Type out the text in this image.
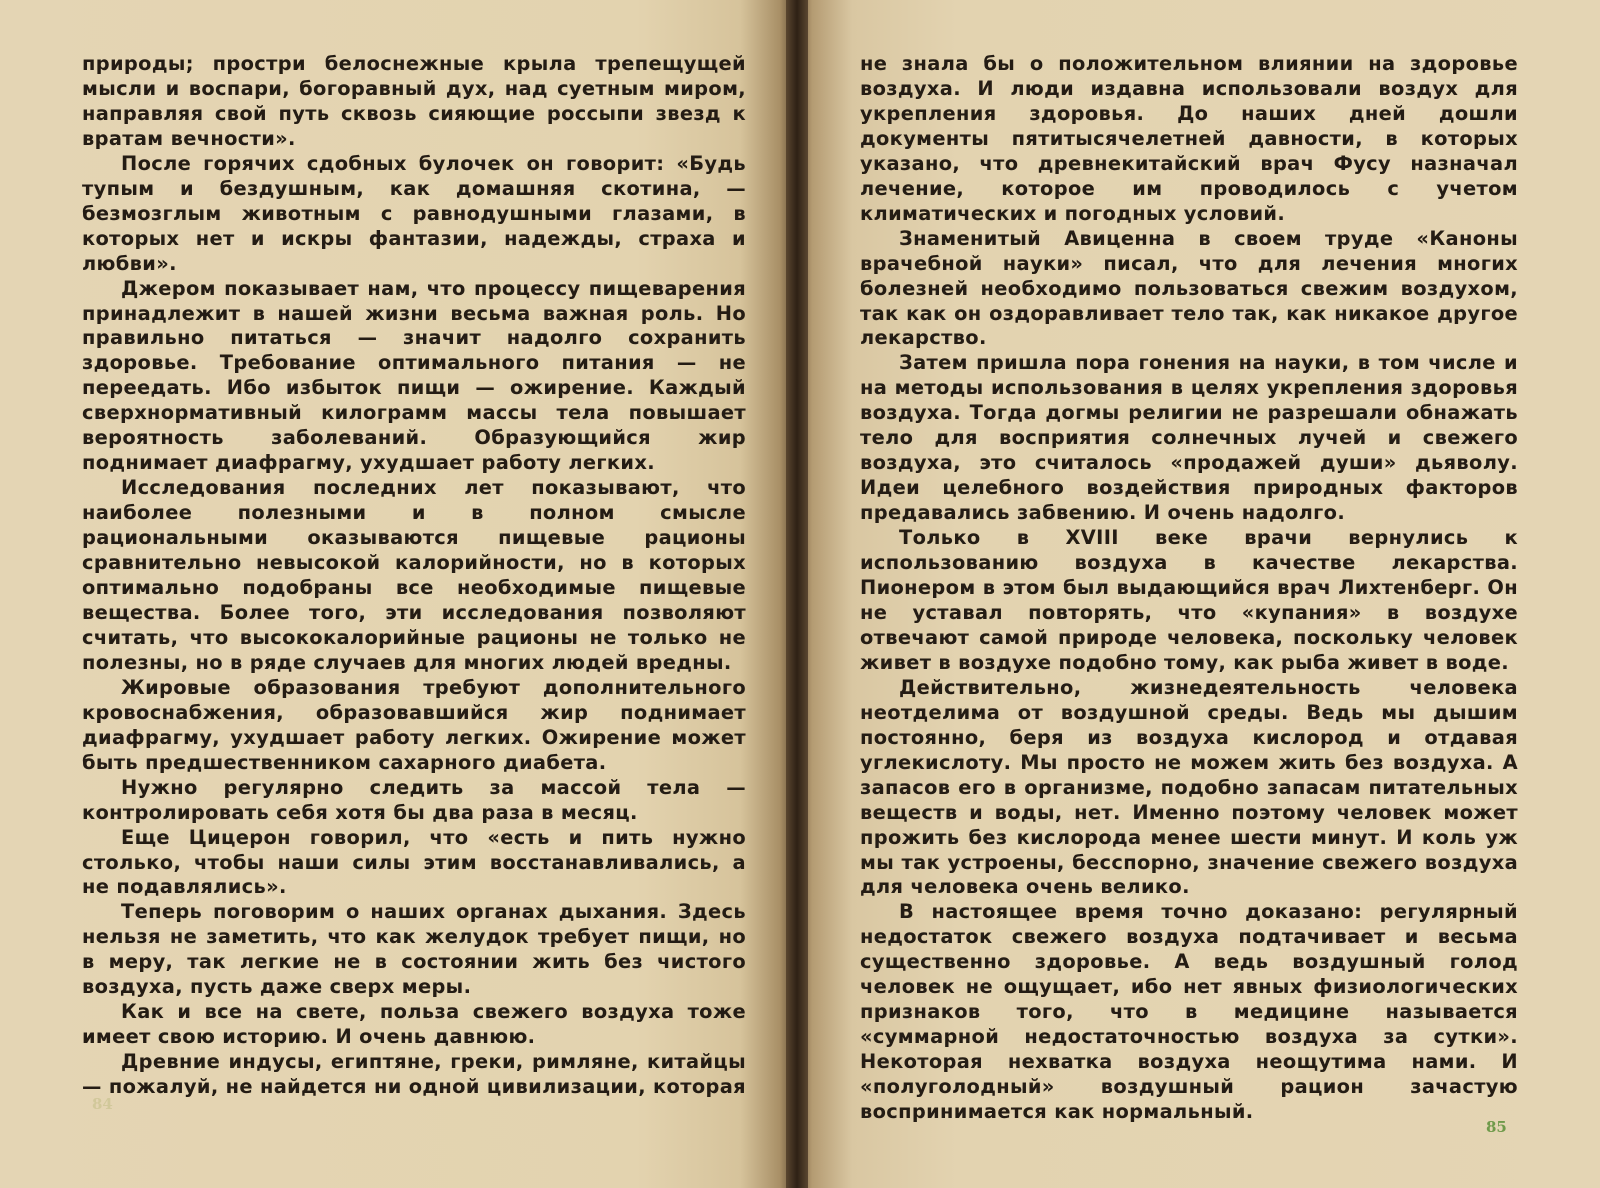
природы; простри белоснежные крыла трепещущей мысли и воспари, богоравный дух, над суетным миром, направляя свой путь сквозь сияющие россыпи звезд к вратам вечности».

После горячих сдобных булочек он говорит: «Будь тупым и бездушным, как домашняя скотина, — безмозглым животным с равнодушными глазами, в которых нет и искры фантазии, надежды, страха и любви».

Джером показывает нам, что процессу пищеварения принадлежит в нашей жизни весьма важная роль. Но правильно питаться — значит надолго сохранить здоровье. Требование оптимального питания — не переедать. Ибо избыток пищи — ожирение. Каждый сверхнормативный килограмм массы тела повышает вероятность заболеваний. Образующийся жир поднимает диафрагму, ухудшает работу легких.

Исследования последних лет показывают, что наиболее полезными и в полном смысле рациональными оказываются пищевые рационы сравнительно невысокой калорийности, но в которых оптимально подобраны все необходимые пищевые вещества. Более того, эти исследования позволяют считать, что высококалорийные рационы не только не полезны, но в ряде случаев для многих людей вредны.

Жировые образования требуют дополнительного кровоснабжения, образовавшийся жир поднимает диафрагму, ухудшает работу легких. Ожирение может быть предшественником сахарного диабета.

Нужно регулярно следить за массой тела — контролировать себя хотя бы два раза в месяц.

Еще Цицерон говорил, что «есть и пить нужно столько, чтобы наши силы этим восстанавливались, а не подавлялись».

Теперь поговорим о наших органах дыхания. Здесь нельзя не заметить, что как желудок требует пищи, но в меру, так легкие не в состоянии жить без чистого воздуха, пусть даже сверх меры.

Как и все на свете, польза свежего воздуха тоже имеет свою историю. И очень давнюю.

Древние индусы, египтяне, греки, римляне, китайцы — пожалуй, не найдется ни одной цивилизации, которая

84

не знала бы о положительном влиянии на здоровье воздуха. И люди издавна использовали воздух для укрепления здоровья. До наших дней дошли документы пятитысячелетней давности, в которых указано, что древнекитайский врач Фусу назначал лечение, которое им проводилось с учетом климатических и погодных условий.

Знаменитый Авиценна в своем труде «Каноны врачебной науки» писал, что для лечения многих болезней необходимо пользоваться свежим воздухом, так как он оздоравливает тело так, как никакое другое лекарство.

Затем пришла пора гонения на науки, в том числе и на методы использования в целях укрепления здоровья воздуха. Тогда догмы религии не разрешали обнажать тело для восприятия солнечных лучей и свежего воздуха, это считалось «продажей души» дьяволу. Идеи целебного воздействия природных факторов предавались забвению. И очень надолго.

Только в XVIII веке врачи вернулись к использованию воздуха в качестве лекарства. Пионером в этом был выдающийся врач Лихтенберг. Он не уставал повторять, что «купания» в воздухе отвечают самой природе человека, поскольку человек живет в воздухе подобно тому, как рыба живет в воде.

Действительно, жизнедеятельность человека неотделима от воздушной среды. Ведь мы дышим постоянно, беря из воздуха кислород и отдавая углекислоту. Мы просто не можем жить без воздуха. А запасов его в организме, подобно запасам питательных веществ и воды, нет. Именно поэтому человек может прожить без кислорода менее шести минут. И коль уж мы так устроены, бесспорно, значение свежего воздуха для человека очень велико.

В настоящее время точно доказано: регулярный недостаток свежего воздуха подтачивает и весьма существенно здоровье. А ведь воздушный голод человек не ощущает, ибо нет явных физиологических признаков того, что в медицине называется «суммарной недостаточностью воздуха за сутки». Некоторая нехватка воздуха неощутима нами. И «полуголодный» воздушный рацион зачастую воспринимается как нормальный.

85
